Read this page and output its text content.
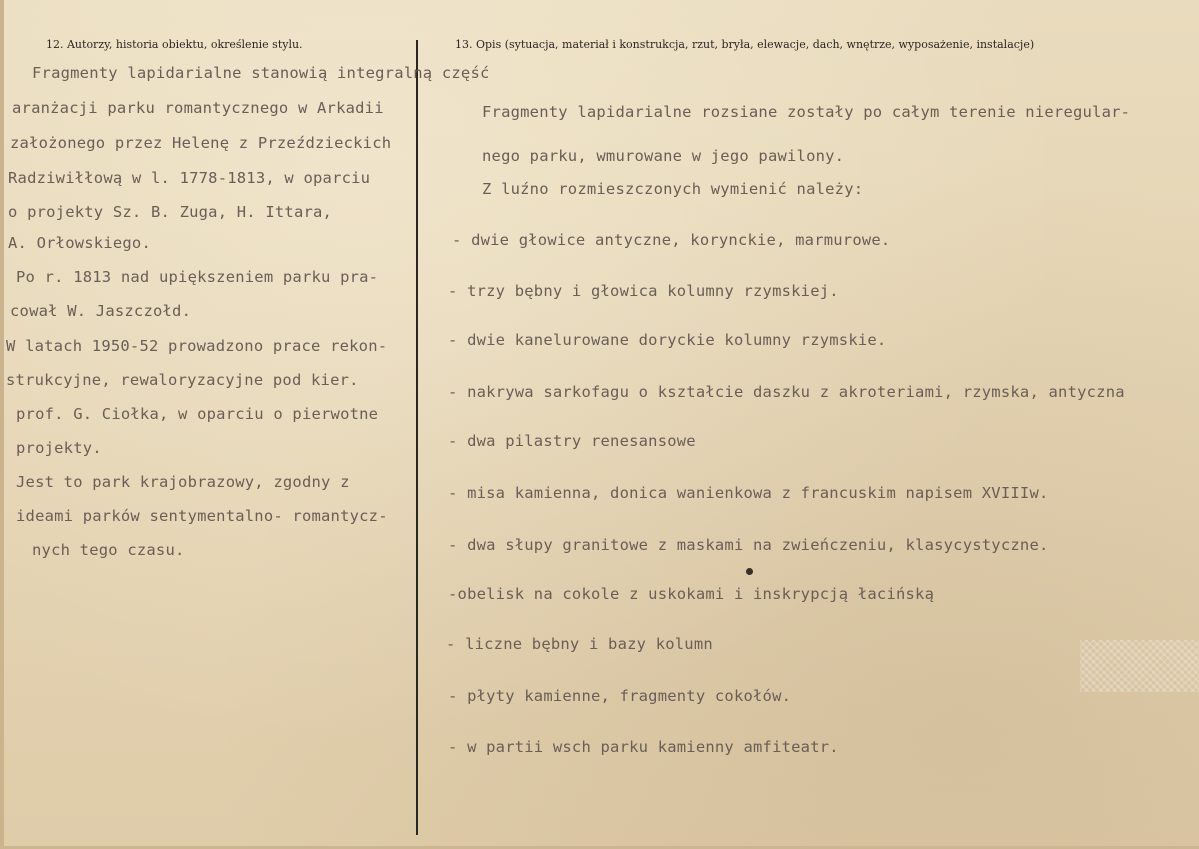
12. Autorzy, historia obiektu, określenie stylu.	13. Opis (sytuacja, materiał i konstrukcja, rzut, bryła, elewacje, dach, wnętrze, wyposażenie, instalacje)
Fragmenty lapidarialne stanowią integralną część
aranżacji parku romantycznego w Arkadii
założonego przez Helenę z Przeździeckich
Radziwiłłową w l. 1778-1813, w oparciu
o projekty Sz. B. Zuga, H. Ittara,
A. Orłowskiego.
Po r. 1813 nad upiększeniem parku pra-
cował W. Jaszczołd.
W latach 1950-52 prowadzono prace rekon-
strukcyjne, rewaloryzacyjne pod kier.
prof. G. Ciołka, w oparciu o pierwotne
projekty.
Jest to park krajobrazowy, zgodny z
ideami parków sentymentalno- romantycz-
nych tego czasu.
Fragmenty lapidarialne rozsiane zostały po całym terenie nieregular-
nego parku, wmurowane w jego pawilony.
Z luźno rozmieszczonych wymienić należy:
- dwie głowice antyczne, korynckie, marmurowe.
- trzy bębny i głowica kolumny rzymskiej.
- dwie kanelurowane doryckie kolumny rzymskie.
- nakrywa sarkofagu o kształcie daszku z akroteriami, rzymska, antyczna
- dwa pilastry renesansowe
- misa kamienna, donica wanienkowa z francuskim napisem XVIIIw.
- dwa słupy granitowe z maskami na zwieńczeniu, klasycystyczne.
-obelisk na cokole z uskokami i inskrypcją łacińską
- liczne bębny i bazy kolumn
- płyty kamienne, fragmenty cokołów.
- w partii wsch parku kamienny amfiteatr.
